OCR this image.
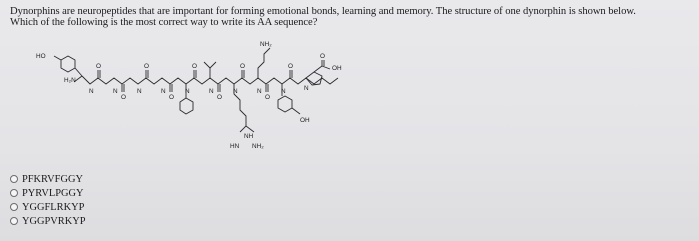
Dynorphins are neuropeptides that are important for forming emotional bonds, learning and memory. The structure of one dynorphin is shown below.
Which of the following is the most correct way to write its AA sequence?
HO
H₂N
NH₂
OH
NH
HN NH₂
OH
N	N	N	N	N	N	N	N	N	N
O
O
O
O
O
O
O
O
O
O
PFKRVFGGY
PYRVLPGGY
YGGFLRKYP
YGGPVRKYP
